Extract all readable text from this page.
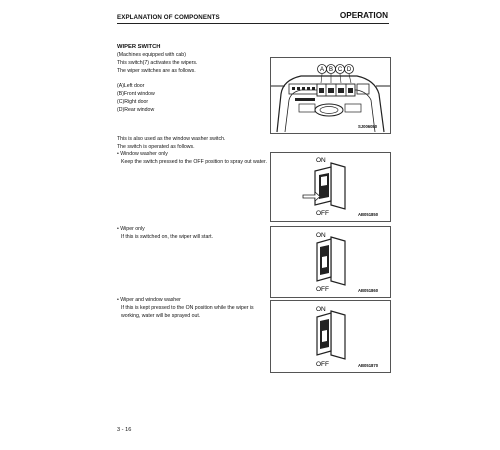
EXPLANATION OF COMPONENTS	OPERATION
WIPER SWITCH
(Machines equipped with cab)
This switch(7) activates the wipers.
The wiper switches are as follows.
(A)Left door
(B)Front window
(C)Right door
(D)Rear window
A B C D
SJ006080
This is also used as the window washer switch.
The switch is operated as follows.
• Window washer only
Keep the switch pressed to the OFF position to spray out water.	ON
OFF	AB051850
• Wiper only
If this is switched on, the wiper will start.	ON
OFF	AB051860
• Wiper and window washer
If this is kept pressed to the ON position while the wiper is
working, water will be sprayed out.
ON
OFF	AB051870
3 - 16
